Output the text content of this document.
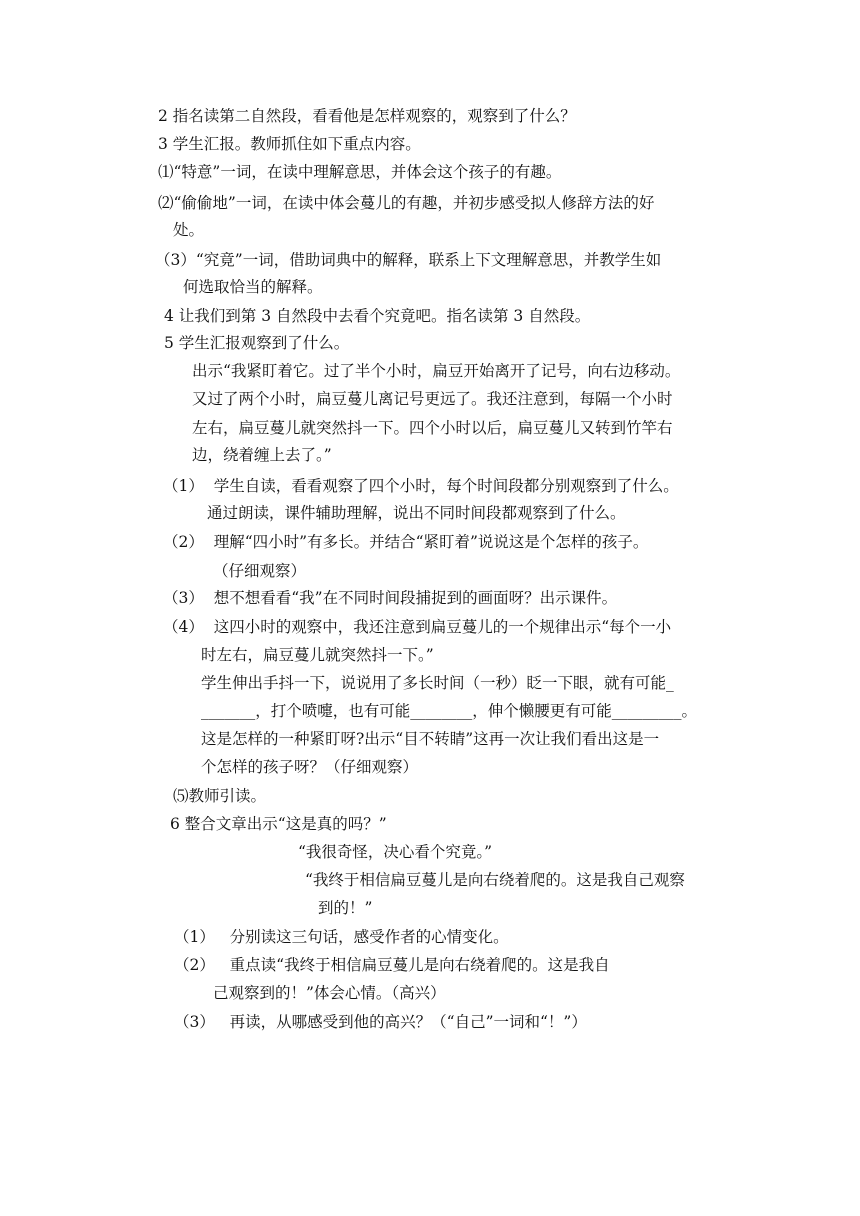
2 指名读第二自然段，看看他是怎样观察的，观察到了什么？

3 学生汇报。教师抓住如下重点内容。

⑴“特意”一词，在读中理解意思，并体会这个孩子的有趣。

⑵“偷偷地”一词，在读中体会蔓儿的有趣，并初步感受拟人修辞方法的好

处。

（3）“究竟”一词，借助词典中的解释，联系上下文理解意思，并教学生如

何选取恰当的解释。

4 让我们到第 3 自然段中去看个究竟吧。指名读第 3 自然段。

5 学生汇报观察到了什么。

出示“我紧盯着它。过了半个小时，扁豆开始离开了记号，向右边移动。

又过了两个小时，扁豆蔓儿离记号更远了。我还注意到，每隔一个小时

左右，扁豆蔓儿就突然抖一下。四个小时以后，扁豆蔓儿又转到竹竿右

边，绕着缠上去了。”

（1）  学生自读，看看观察了四个小时，每个时间段都分别观察到了什么。

通过朗读，课件辅助理解，说出不同时间段都观察到了什么。

（2）  理解“四小时”有多长。并结合“紧盯着”说说这是个怎样的孩子。

（仔细观察）

（3）  想不想看看“我”在不同时间段捕捉到的画面呀？出示课件。

（4）  这四小时的观察中，我还注意到扁豆蔓儿的一个规律出示“每个一小

时左右，扁豆蔓儿就突然抖一下。”

学生伸出手抖一下，说说用了多长时间（一秒）眨一下眼，就有可能_

_______，打个喷嚏，也有可能________，伸个懒腰更有可能_________。

这是怎样的一种紧盯呀?出示“目不转睛”这再一次让我们看出这是一

个怎样的孩子呀？（仔细观察）

⑸教师引读。

6 整合文章出示“这是真的吗？”

“我很奇怪，决心看个究竟。”

“我终于相信扁豆蔓儿是向右绕着爬的。这是我自己观察

到的！”

（1）   分别读这三句话，感受作者的心情变化。

（2）   重点读“我终于相信扁豆蔓儿是向右绕着爬的。这是我自

己观察到的！”体会心情。（高兴）

（3）   再读，从哪感受到他的高兴？（“自己”一词和“！”）
